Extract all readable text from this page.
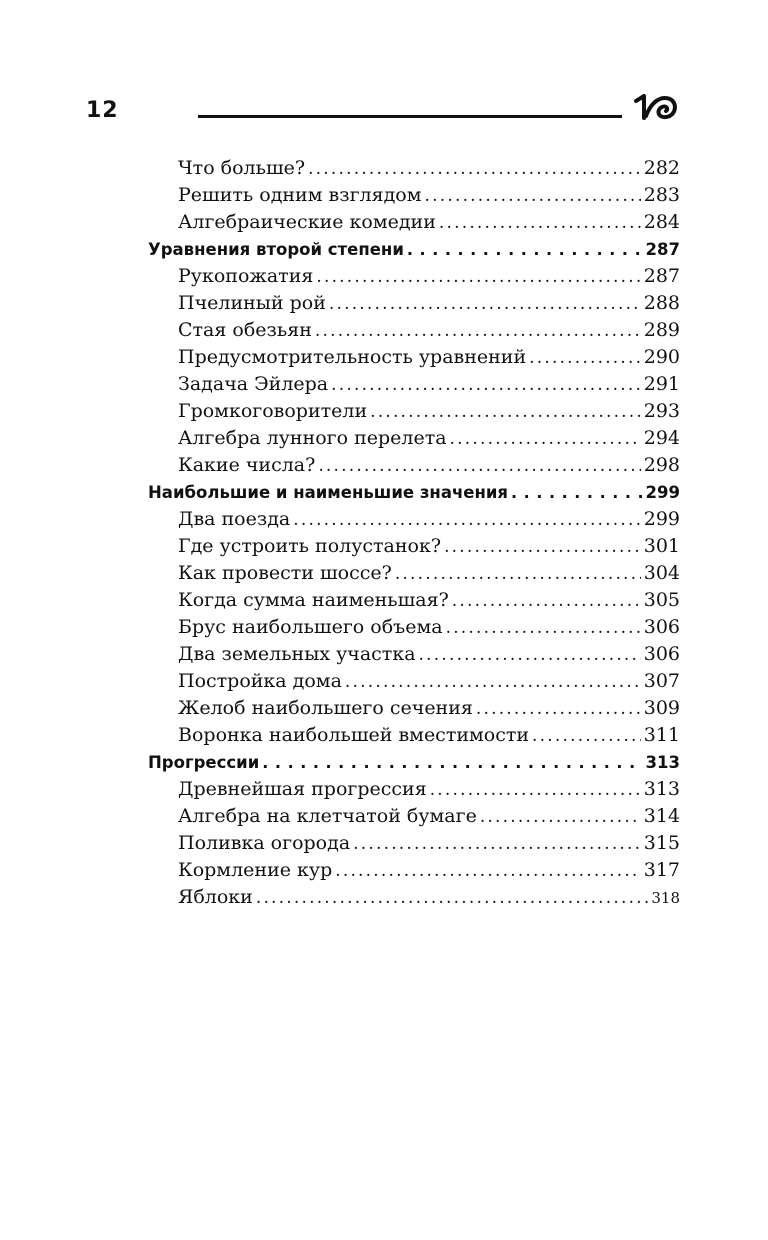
12
Что больше? . . .	282
Решить одним взглядом . . .	283
Алгебраические комедии . . .	284
Уравнения второй степени . . .	287
Рукопожатия . . .	287
Пчелиный рой . . .	288
Стая обезьян . . .	289
Предусмотрительность уравнений . . .	290
Задача Эйлера . . .	291
Громкоговорители . . .	293
Алгебра лунного перелета . . .	294
Какие числа? . . .	298
Наибольшие и наименьшие значения . . .	299
Два поезда . . .	299
Где устроить полустанок? . . .	301
Как провести шоссе? . . .	304
Когда сумма наименьшая? . . .	305
Брус наибольшего объема . . .	306
Два земельных участка . . .	306
Постройка дома . . .	307
Желоб наибольшего сечения . . .	309
Воронка наибольшей вместимости . . .	311
Прогрессии . . .	313
Древнейшая прогрессия . . .	313
Алгебра на клетчатой бумаге . . .	314
Поливка огорода . . .	315
Кормление кур . . .	317
Яблоки . . .	318
